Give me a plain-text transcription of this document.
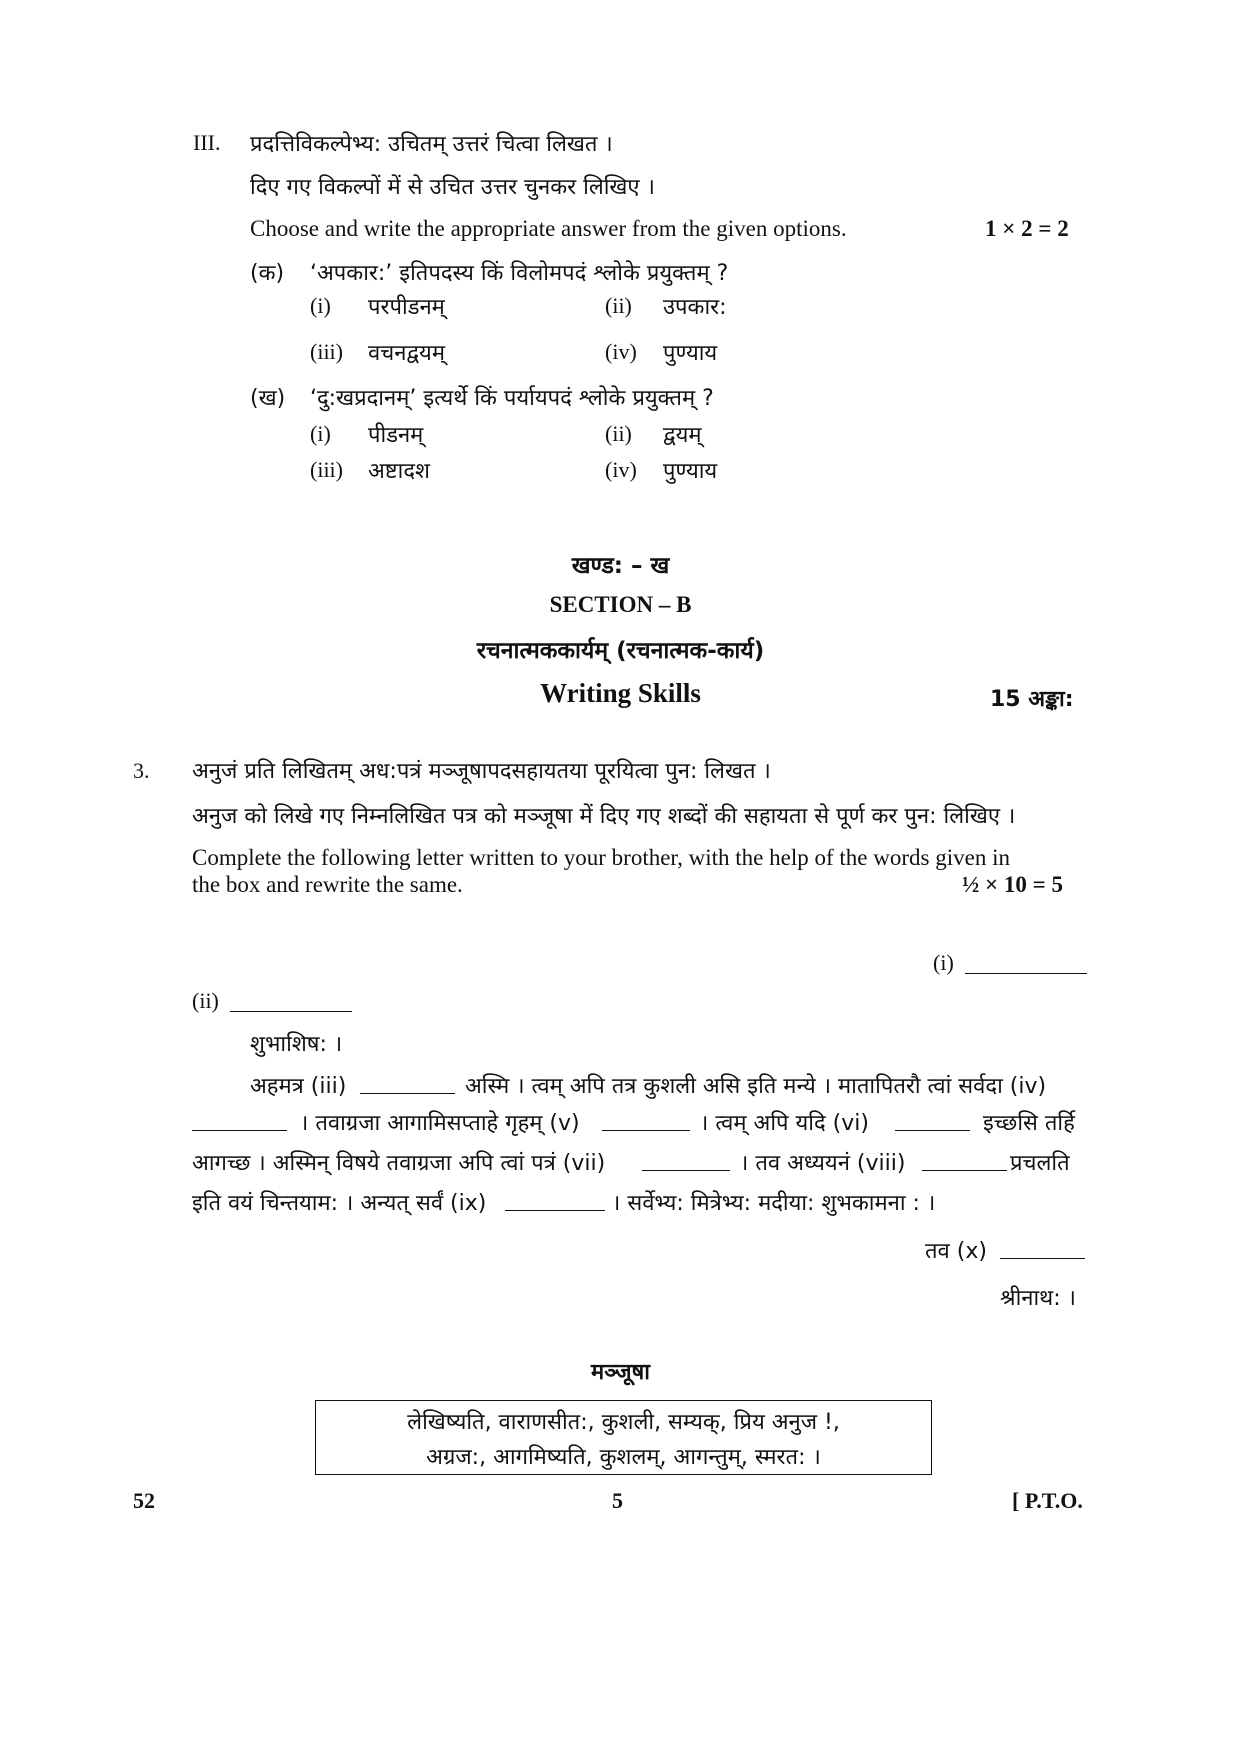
III. प्रदत्तिविकल्पेभ्य: उचितम् उत्तरं चित्वा लिखत ।
दिए गए विकल्पों में से उचित उत्तर चुनकर लिखिए ।
Choose and write the appropriate answer from the given options.	1 × 2 = 2
(क) ‘अपकार:’ इतिपदस्य किं विलोमपदं श्लोके प्रयुक्तम् ?
(i) परपीडनम्	(ii) उपकार:
(iii) वचनद्वयम्	(iv) पुण्याय
(ख) ‘दु:खप्रदानम्’ इत्यर्थे किं पर्यायपदं श्लोके प्रयुक्तम् ?
(i) पीडनम्	(ii) द्वयम्
(iii) अष्टादश	(iv) पुण्याय
खण्ड: – ख
SECTION – B
रचनात्मककार्यम् (रचनात्मक-कार्य)
Writing Skills	15 अङ्का:
3. अनुजं प्रति लिखितम् अध:पत्रं मञ्जूषापदसहायतया पूरयित्वा पुन: लिखत ।
अनुज को लिखे गए निम्नलिखित पत्र को मञ्जूषा में दिए गए शब्दों की सहायता से पूर्ण कर पुन: लिखिए ।
Complete the following letter written to your brother, with the help of the words given in
the box and rewrite the same.	½ × 10 = 5
(i)
(ii)
शुभाशिष: ।
अहमत्र (iii)	अस्मि । त्वम् अपि तत्र कुशली असि इति मन्ये । मातापितरौ त्वां सर्वदा (iv)
। तवाग्रजा आगामिसप्ताहे गृहम् (v)	। त्वम् अपि यदि (vi)	इच्छसि तर्हि
आगच्छ । अस्मिन् विषये तवाग्रजा अपि त्वां पत्रं (vii)	। तव अध्ययनं (viii)	प्रचलति
इति वयं चिन्तयाम: । अन्यत् सर्वं (ix)	। सर्वेभ्य: मित्रेभ्य: मदीया: शुभकामना : ।
तव (x)
श्रीनाथ: ।
मञ्जूषा
लेखिष्यति, वाराणसीत:, कुशली, सम्यक्, प्रिय अनुज !,
अग्रज:, आगमिष्यति, कुशलम्, आगन्तुम्, स्मरत: ।
52	5	[ P.T.O.
